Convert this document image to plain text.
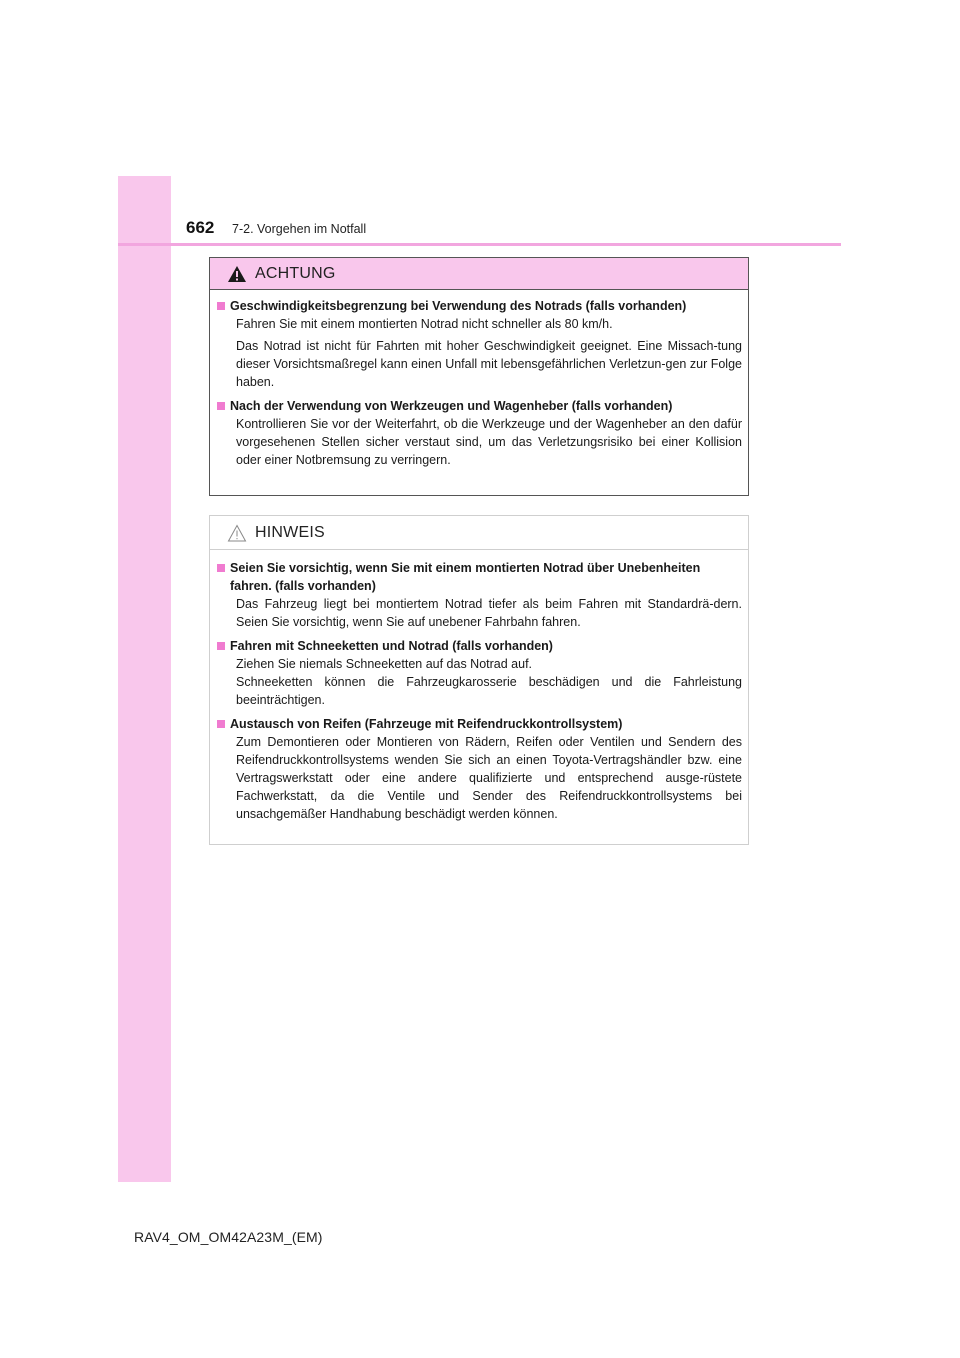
662 7-2. Vorgehen im Notfall
ACHTUNG
Geschwindigkeitsbegrenzung bei Verwendung des Notrads (falls vorhanden)

Fahren Sie mit einem montierten Notrad nicht schneller als 80 km/h.

Das Notrad ist nicht für Fahrten mit hoher Geschwindigkeit geeignet. Eine Missach-tung dieser Vorsichtsmaßregel kann einen Unfall mit lebensgefährlichen Verletzun-gen zur Folge haben.

Nach der Verwendung von Werkzeugen und Wagenheber (falls vorhanden)

Kontrollieren Sie vor der Weiterfahrt, ob die Werkzeuge und der Wagenheber an den dafür vorgesehenen Stellen sicher verstaut sind, um das Verletzungsrisiko bei einer Kollision oder einer Notbremsung zu verringern.

HINWEIS
Seien Sie vorsichtig, wenn Sie mit einem montierten Notrad über Unebenheiten fahren. (falls vorhanden)

Das Fahrzeug liegt bei montiertem Notrad tiefer als beim Fahren mit Standardrä-dern. Seien Sie vorsichtig, wenn Sie auf unebener Fahrbahn fahren.

Fahren mit Schneeketten und Notrad (falls vorhanden)

Ziehen Sie niemals Schneeketten auf das Notrad auf.

Schneeketten können die Fahrzeugkarosserie beschädigen und die Fahrleistung beeinträchtigen.

Austausch von Reifen (Fahrzeuge mit Reifendruckkontrollsystem)

Zum Demontieren oder Montieren von Rädern, Reifen oder Ventilen und Sendern des Reifendruckkontrollsystems wenden Sie sich an einen Toyota-Vertragshändler bzw. eine Vertragswerkstatt oder eine andere qualifizierte und entsprechend ausge-rüstete Fachwerkstatt, da die Ventile und Sender des Reifendruckkontrollsystems bei unsachgemäßer Handhabung beschädigt werden können.

RAV4_OM_OM42A23M_(EM)
